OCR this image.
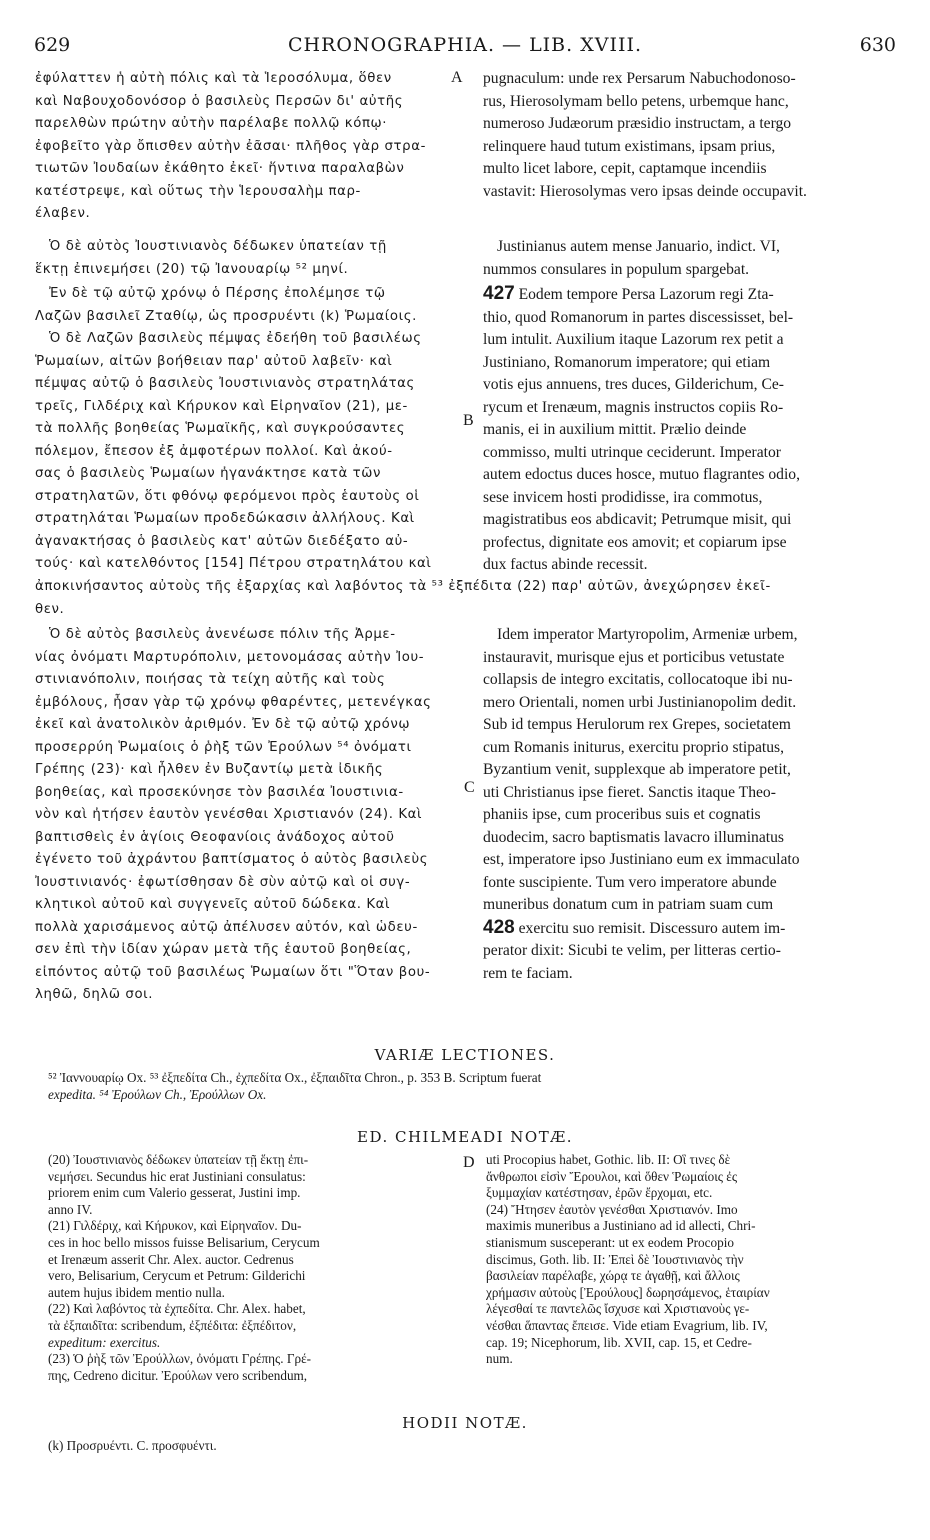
629	CHRONOGRAPHIA. — LIB. XVIII.	630
A
B
C
D
ἐφύλαττεν ἡ αὐτὴ πόλις καὶ τὰ Ἱεροσόλυμα, ὅθεν
καὶ Ναβουχοδονόσορ ὁ βασιλεὺς Περσῶν δι' αὐτῆς
παρελθὼν πρώτην αὐτὴν παρέλαβε πολλῷ κόπῳ·
ἐφοβεῖτο γὰρ ὄπισθεν αὐτὴν ἐᾶσαι· πλῆθος γὰρ στρα-
τιωτῶν Ἰουδαίων ἐκάθητο ἐκεῖ· ἥντινα παραλαβὼν
κατέστρεψε, καὶ οὕτως τὴν Ἱερουσαλὴμ παρ-
έλαβεν.
pugnaculum: unde rex Persarum Nabuchodonoso-
rus, Hierosolymam bello petens, urbemque hanc,
numeroso Judæorum præsidio instructam, a tergo
relinquere haud tutum existimans, ipsam prius,
multo licet labore, cepit, captamque incendiis
vastavit: Hierosolymas vero ipsas deinde occupavit.
Ὁ δὲ αὐτὸς Ἰουστινιανὸς δέδωκεν ὑπατείαν τῇ
ἕκτῃ ἐπινεμήσει (20) τῷ Ἰανουαρίῳ ⁵² μηνί.
Justinianus autem mense Januario, indict. VI,
nummos consulares in populum spargebat.
Ἐν δὲ τῷ αὐτῷ χρόνῳ ὁ Πέρσης ἐπολέμησε τῷ
Λαζῶν βασιλεῖ Ζταθίῳ, ὡς προσρυέντι (k) Ῥωμαίοις.
Ὁ δὲ Λαζῶν βασιλεὺς πέμψας ἐδεήθη τοῦ βασιλέως
Ῥωμαίων, αἰτῶν βοήθειαν παρ' αὐτοῦ λαβεῖν· καὶ
πέμψας αὐτῷ ὁ βασιλεὺς Ἰουστινιανὸς στρατηλάτας
τρεῖς, Γιλδέριχ καὶ Κήρυκον καὶ Εἰρηναῖον (21), με-
τὰ πολλῆς βοηθείας Ῥωμαϊκῆς, καὶ συγκρούσαντες
πόλεμον, ἔπεσον ἐξ ἀμφοτέρων πολλοί. Καὶ ἀκού-
σας ὁ βασιλεὺς Ῥωμαίων ἠγανάκτησε κατὰ τῶν
στρατηλατῶν, ὅτι φθόνῳ φερόμενοι πρὸς ἑαυτοὺς οἱ
στρατηλάται Ῥωμαίων προδεδώκασιν ἀλλήλους. Καὶ
ἀγανακτήσας ὁ βασιλεὺς κατ' αὐτῶν διεδέξατο αὐ-
τούς· καὶ κατελθόντος [154] Πέτρου στρατηλάτου καὶ
427 Eodem tempore Persa Lazorum regi Zta-
thio, quod Romanorum in partes discessisset, bel-
lum intulit. Auxilium itaque Lazorum rex petit a
Justiniano, Romanorum imperatore; qui etiam
votis ejus annuens, tres duces, Gilderichum, Ce-
rycum et Irenæum, magnis instructos copiis Ro-
manis, ei in auxilium mittit. Prælio deinde
commisso, multi utrinque ceciderunt. Imperator
autem edoctus duces hosce, mutuo flagrantes odio,
sese invicem hosti prodidisse, ira commotus,
magistratibus eos abdicavit; Petrumque misit, qui
profectus, dignitate eos amovit; et copiarum ipse
dux factus abinde recessit.
ἀποκινήσαντος αὐτοὺς τῆς ἐξαρχίας καὶ λαβόντος τὰ ⁵³ ἐξπέδιτα (22) παρ' αὐτῶν, ἀνεχώρησεν ἐκεῖ-
θεν.
Ὁ δὲ αὐτὸς βασιλεὺς ἀνενέωσε πόλιν τῆς Ἀρμε-
νίας ὀνόματι Μαρτυρόπολιν, μετονομάσας αὐτὴν Ἰου-
στινιανόπολιν, ποιήσας τὰ τείχη αὐτῆς καὶ τοὺς
ἐμβόλους, ἦσαν γὰρ τῷ χρόνῳ φθαρέντες, μετενέγκας
ἐκεῖ καὶ ἀνατολικὸν ἀριθμόν. Ἐν δὲ τῷ αὐτῷ χρόνῳ
προσερρύη Ῥωμαίοις ὁ ῥὴξ τῶν Ἐρούλων ⁵⁴ ὀνόματι
Γρέπης (23)· καὶ ἦλθεν ἐν Βυζαντίῳ μετὰ ἰδικῆς
βοηθείας, καὶ προσεκύνησε τὸν βασιλέα Ἰουστινια-
νὸν καὶ ἠτήσεν ἑαυτὸν γενέσθαι Χριστιανόν (24). Καὶ
βαπτισθεὶς ἐν ἁγίοις Θεοφανίοις ἀνάδοχος αὐτοῦ
ἐγένετο τοῦ ἀχράντου βαπτίσματος ὁ αὐτὸς βασιλεὺς
Ἰουστινιανός· ἐφωτίσθησαν δὲ σὺν αὐτῷ καὶ οἱ συγ-
κλητικοὶ αὐτοῦ καὶ συγγενεῖς αὐτοῦ δώδεκα. Καὶ
πολλὰ χαρισάμενος αὐτῷ ἀπέλυσεν αὐτόν, καὶ ὡδευ-
σεν ἐπὶ τὴν ἰδίαν χώραν μετὰ τῆς ἑαυτοῦ βοηθείας,
εἰπόντος αὐτῷ τοῦ βασιλέως Ῥωμαίων ὅτι "Ὅταν βου-
ληθῶ, δηλῶ σοι.
Idem imperator Martyropolim, Armeniæ urbem,
instauravit, murisque ejus et porticibus vetustate
collapsis de integro excitatis, collocatoque ibi nu-
mero Orientali, nomen urbi Justinianopolim dedit.
Sub id tempus Herulorum rex Grepes, societatem
cum Romanis initurus, exercitu proprio stipatus,
Byzantium venit, supplexque ab imperatore petit,
uti Christianus ipse fieret. Sanctis itaque Theo-
phaniis ipse, cum proceribus suis et cognatis
duodecim, sacro baptismatis lavacro illuminatus
est, imperatore ipso Justiniano eum ex immaculato
fonte suscipiente. Tum vero imperatore abunde
muneribus donatum cum in patriam suam cum
428 exercitu suo remisit. Discessuro autem im-
perator dixit: Sicubi te velim, per litteras certio-
rem te faciam.
VARIÆ LECTIONES.
⁵² Ἰαννουαρίῳ Ox. ⁵³ ἐξπεδίτα Ch., ἐχπεδίτα Ox., ἐξπαιδῖτα Chron., p. 353 B. Scriptum fuerat
expedita. ⁵⁴ Ἐρούλων Ch., Ἐρούλλων Ox.
ED. CHILMEADI NOTÆ.
(20) Ἰουστινιανὸς δέδωκεν ὑπατείαν τῇ ἕκτῃ ἐπι-
νεμήσει. Secundus hic erat Justiniani consulatus:
priorem enim cum Valerio gesserat, Justini imp.
anno IV.
(21) Γιλδέριχ, καὶ Κήρυκον, καὶ Εἰρηναῖον. Du-
ces in hoc bello missos fuisse Belisarium, Cerycum
et Irenæum asserit Chr. Alex. auctor. Cedrenus
vero, Belisarium, Cerycum et Petrum: Gilderichi
autem hujus ibidem mentio nulla.
(22) Καὶ λαβόντος τὰ ἐχπεδίτα. Chr. Alex. habet,
τὰ ἐξπαιδῖτα: scribendum, ἐξπέδιτα: ἐξπέδιτον,
expeditum: exercitus.
(23) Ὁ ῥὴξ τῶν Ἐρούλλων, ὀνόματι Γρέπης. Γρέ-
πης, Cedreno dicitur. Ἐρούλων vero scribendum,
uti Procopius habet, Gothic. lib. II: Οἳ τινες δὲ
ἄνθρωποι εἰσὶν Ἔρουλοι, καὶ ὅθεν Ῥωμαίοις ἐς
ξυμμαχίαν κατέστησαν, ἐρῶν ἔρχομαι, etc.
(24) Ἤτησεν ἑαυτὸν γενέσθαι Χριστιανόν. Imo
maximis muneribus a Justiniano ad id allecti, Chri-
stianismum susceperant: ut ex eodem Procopio
discimus, Goth. lib. II: Ἐπεὶ δὲ Ἰουστινιανὸς τὴν
βασιλείαν παρέλαβε, χώρᾳ τε ἀγαθῇ, καὶ ἄλλοις
χρήμασιν αὐτοὺς [Ἐρούλους] δωρησάμενος, ἑταιρίαν
λέγεσθαί τε παντελῶς ἴσχυσε καὶ Χριστιανοὺς γε-
νέσθαι ἅπαντας ἔπεισε. Vide etiam Evagrium, lib. IV,
cap. 19; Nicephorum, lib. XVII, cap. 15, et Cedre-
num.
HODII NOTÆ.
(k) Προσρυέντι. C. προσφυέντι.
